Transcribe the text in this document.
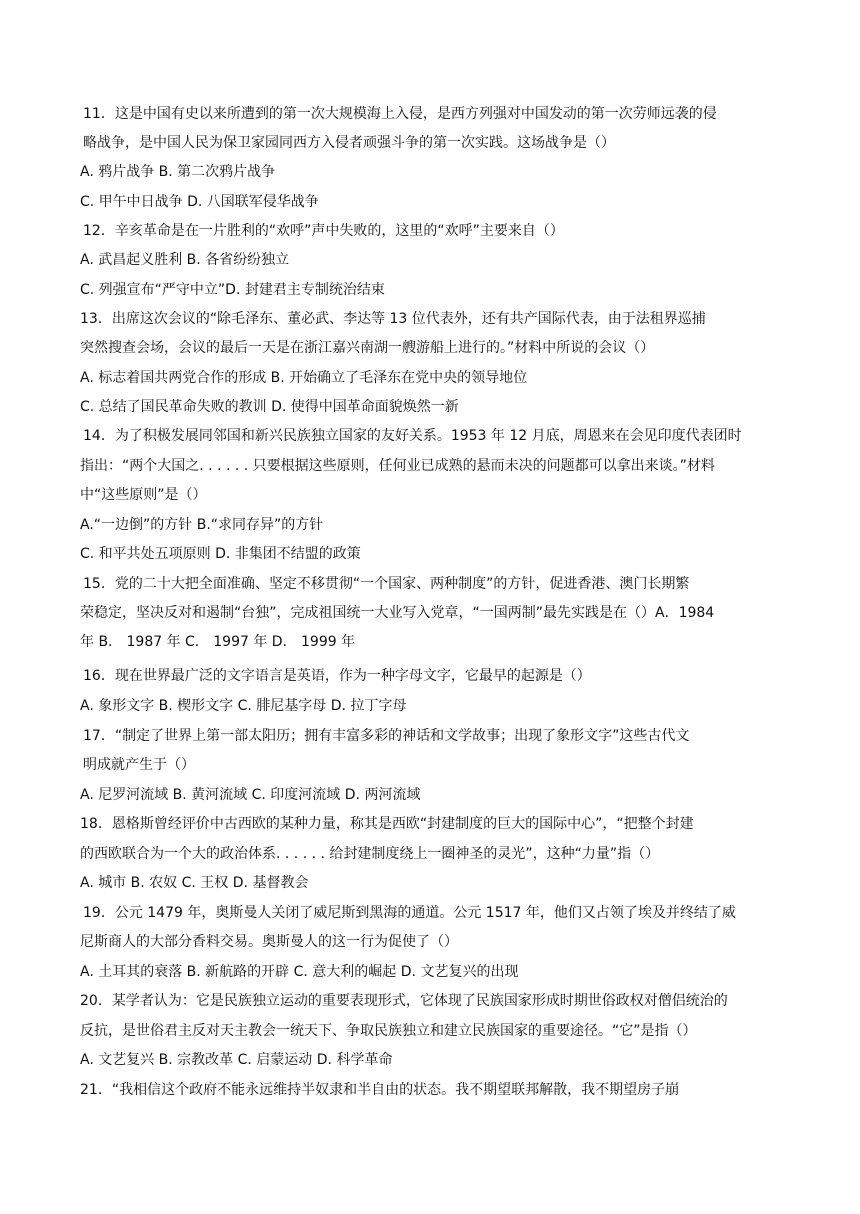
11．这是中国有史以来所遭到的第一次大规模海上入侵，是西方列强对中国发动的第一次劳师远袭的侵
略战争，是中国人民为保卫家园同西方入侵者顽强斗争的第一次实践。这场战争是（）
A. 鸦片战争 B. 第二次鸦片战争
C. 甲午中日战争 D. 八国联军侵华战争
12．辛亥革命是在一片胜利的“欢呼”声中失败的，这里的“欢呼”主要来自（）
A. 武昌起义胜利 B. 各省纷纷独立
C. 列强宣布“严守中立”D. 封建君主专制统治结束
13．出席这次会议的“除毛泽东、董必武、李达等 13 位代表外，还有共产国际代表，由于法租界巡捕
突然搜查会场，会议的最后一天是在浙江嘉兴南湖一艘游船上进行的。”材料中所说的会议（）
A. 标志着国共两党合作的形成 B. 开始确立了毛泽东在党中央的领导地位
C. 总结了国民革命失败的教训 D. 使得中国革命面貌焕然一新
14．为了积极发展同邻国和新兴民族独立国家的友好关系。1953 年 12 月底，周恩来在会见印度代表团时
指出：“两个大国之. . . . . . 只要根据这些原则，任何业已成熟的悬而未决的问题都可以拿出来谈。”材料
中“这些原则”是（）
A.“一边倒”的方针 B.“求同存异”的方针
C. 和平共处五项原则 D. 非集团不结盟的政策
15．党的二十大把全面准确、坚定不移贯彻“一个国家、两种制度”的方针，促进香港、澳门长期繁
荣稳定，坚决反对和遏制“台独”，完成祖国统一大业写入党章，“一国两制”最先实践是在（）A．1984
年 B． 1987 年 C． 1997 年 D． 1999 年
16．现在世界最广泛的文字语言是英语，作为一种字母文字，它最早的起源是（）
A. 象形文字 B. 楔形文字 C. 腓尼基字母 D. 拉丁字母
17．“制定了世界上第一部太阳历；拥有丰富多彩的神话和文学故事；出现了象形文字”这些古代文
明成就产生于（）
A. 尼罗河流域 B. 黄河流域 C. 印度河流域 D. 两河流域
18．恩格斯曾经评价中古西欧的某种力量，称其是西欧“封建制度的巨大的国际中心”，“把整个封建
的西欧联合为一个大的政治体系. . . . . . 给封建制度绕上一圈神圣的灵光”，这种“力量”指（）
A. 城市 B. 农奴 C. 王权 D. 基督教会
19．公元 1479 年，奥斯曼人关闭了威尼斯到黑海的通道。公元 1517 年，他们又占领了埃及并终结了威
尼斯商人的大部分香料交易。奥斯曼人的这一行为促使了（）
A. 土耳其的衰落 B. 新航路的开辟 C. 意大利的崛起 D. 文艺复兴的出现
20．某学者认为：它是民族独立运动的重要表现形式，它体现了民族国家形成时期世俗政权对僧侣统治的
反抗，是世俗君主反对天主教会一统天下、争取民族独立和建立民族国家的重要途径。“它”是指（）
A. 文艺复兴 B. 宗教改革 C. 启蒙运动 D. 科学革命
21．“我相信这个政府不能永远维持半奴隶和半自由的状态。我不期望联邦解散，我不期望房子崩
